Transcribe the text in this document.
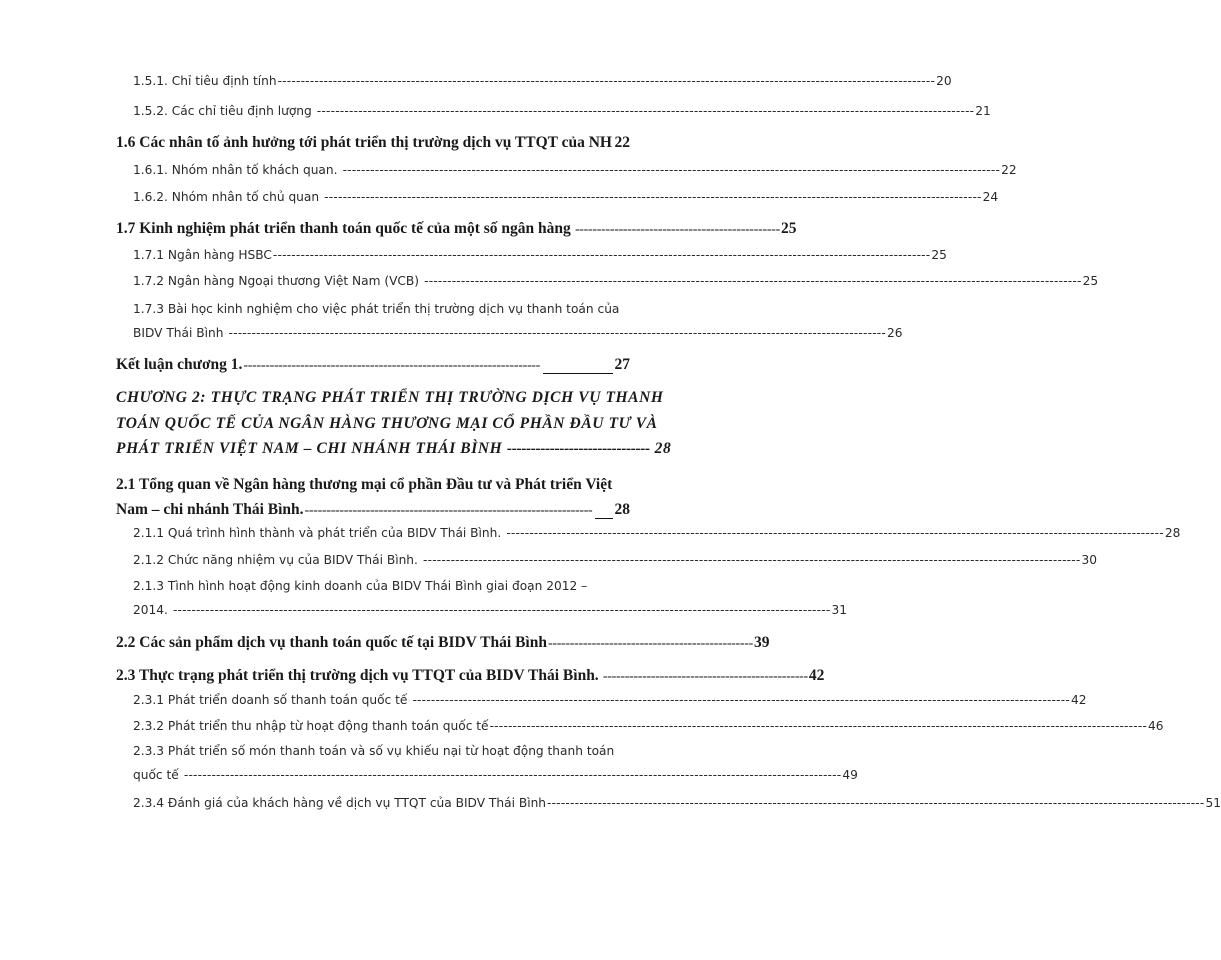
1.5.1. Chỉ tiêu định tính ----------------------------------------------------------------------------------------------------------------------------------------------- 20
1.5.2. Các chỉ tiêu định lượng ----------------------------------------------------------------------------------------------------------------------------------------------- 21
1.6 Các nhân tố ảnh hưởng tới phát triển thị trường dịch vụ TTQT của NH 22
1.6.1. Nhóm nhân tố khách quan. ----------------------------------------------------------------------------------------------------------------------------------------------- 22
1.6.2. Nhóm nhân tố chủ quan ----------------------------------------------------------------------------------------------------------------------------------------------- 24
1.7 Kinh nghiệm phát triển thanh toán quốc tế của một số ngân hàng ----------------------------------------------- 25
1.7.1 Ngân hàng HSBC ----------------------------------------------------------------------------------------------------------------------------------------------- 25
1.7.2 Ngân hàng Ngoại thương Việt Nam (VCB) ----------------------------------------------------------------------------------------------------------------------------------------------- 25
1.7.3 Bài học kinh nghiệm cho việc phát triển thị trường dịch vụ thanh toán của
BIDV Thái Bình ----------------------------------------------------------------------------------------------------------------------------------------------- 26
Kết luận chương 1. --------------------------------------------------------------------	27
CHƯƠNG 2: THỰC TRẠNG PHÁT TRIỂN THỊ TRƯỜNG DỊCH VỤ THANH
TOÁN QUỐC TẾ CỦA NGÂN HÀNG THƯƠNG MẠI CỔ PHẦN ĐẦU TƯ VÀ
PHÁT TRIỂN VIỆT NAM – CHI NHÁNH THÁI BÌNH ------------------------------ 28
2.1 Tổng quan về Ngân hàng thương mại cổ phần Đầu tư và Phát triển Việt
Nam – chi nhánh Thái Bình. ------------------------------------------------------------------ 28
2.1.1 Quá trình hình thành và phát triển của BIDV Thái Bình. ----------------------------------------------------------------------------------------------------------------------------------------------- 28
2.1.2 Chức năng nhiệm vụ của BIDV Thái Bình. ----------------------------------------------------------------------------------------------------------------------------------------------- 30
2.1.3 Tình hình hoạt động kinh doanh của BIDV Thái Bình giai đoạn 2012 –
2014. ----------------------------------------------------------------------------------------------------------------------------------------------- 31
2.2 Các sản phẩm dịch vụ thanh toán quốc tế tại BIDV Thái Bình ----------------------------------------------- 39
2.3 Thực trạng phát triển thị trường dịch vụ TTQT của BIDV Thái Bình. ----------------------------------------------- 42
2.3.1 Phát triển doanh số thanh toán quốc tế ----------------------------------------------------------------------------------------------------------------------------------------------- 42
2.3.2 Phát triển thu nhập từ hoạt động thanh toán quốc tế ----------------------------------------------------------------------------------------------------------------------------------------------- 46
2.3.3 Phát triển số món thanh toán và số vụ khiếu nại từ hoạt động thanh toán
quốc tế ----------------------------------------------------------------------------------------------------------------------------------------------- 49
2.3.4 Đánh giá của khách hàng về dịch vụ TTQT của BIDV Thái Bình ----------------------------------------------------------------------------------------------------------------------------------------------- 51
